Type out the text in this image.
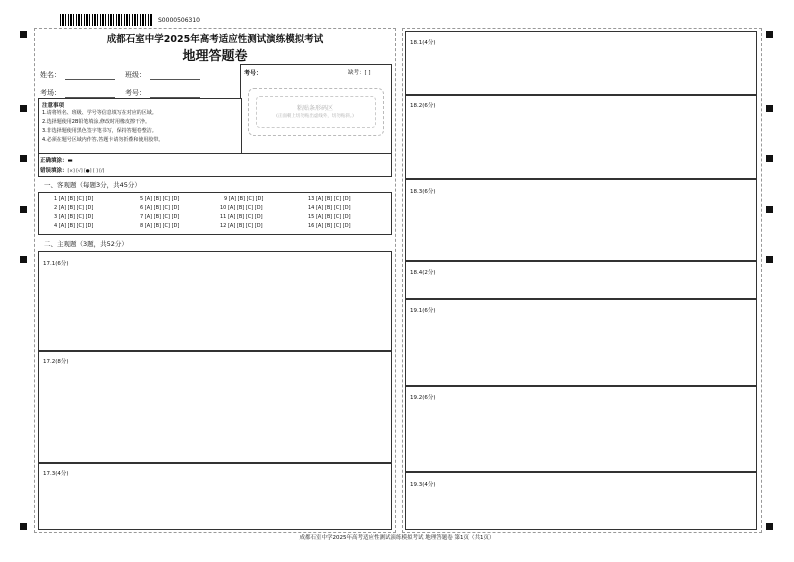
S0000506310
成都石室中学2025年高考适应性测试演练模拟考试
地理答题卷
姓名：	班级：
考场：	考号：
考号：	缺考：[ ]
粘贴条形码区
(正面朝上切勿贴出虚线外，切勿贴斜。)
注意事项
1.请将姓名、班级、学号等信息填写在对应的区域。
2.选择题使用2B铅笔填涂,修改时用橡皮擦干净。
3.非选择题使用黑色签字笔书写，保持答题卷整洁。
4.必须在题号区域内作答,答题卡请勿折叠和使用胶带。
正确填涂：▬
错误填涂：[×] [√] [●] [ ] [/]
一、客观题（每题3分，共45分）
1 [A] [B] [C] [D]
2 [A] [B] [C] [D]
3 [A] [B] [C] [D]
4 [A] [B] [C] [D]
5 [A] [B] [C] [D]
6 [A] [B] [C] [D]
7 [A] [B] [C] [D]
8 [A] [B] [C] [D]
9 [A] [B] [C] [D]
10 [A] [B] [C] [D]
11 [A] [B] [C] [D]
12 [A] [B] [C] [D]
13 [A] [B] [C] [D]
14 [A] [B] [C] [D]
15 [A] [B] [C] [D]
16 [A] [B] [C] [D]
二、主观题（3题，共52分）
17.1(6分)
17.2(8分)
17.3(4分)
18.1(4分)
18.2(6分)
18.3(6分)
18.4(2分)
19.1(6分)
19.2(6分)
19.3(4分)
成都石室中学2025年高考适应性测试演练模拟考试 地理答题卷 第1页（共1页）
